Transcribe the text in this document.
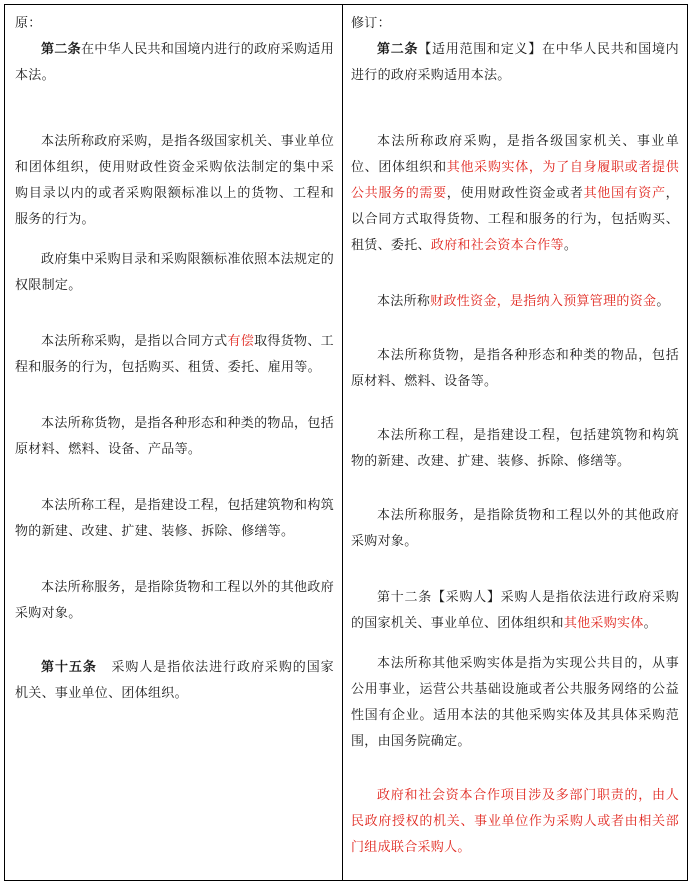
原：

第二条在中华人民共和国境内进行的政府采购适用本法。

本法所称政府采购，是指各级国家机关、事业单位和团体组织，使用财政性资金采购依法制定的集中采购目录以内的或者采购限额标准以上的货物、工程和服务的行为。

政府集中采购目录和采购限额标准依照本法规定的权限制定。

本法所称采购，是指以合同方式有偿取得货物、工程和服务的行为，包括购买、租赁、委托、雇用等。

本法所称货物，是指各种形态和种类的物品，包括原材料、燃料、设备、产品等。

本法所称工程，是指建设工程，包括建筑物和构筑物的新建、改建、扩建、装修、拆除、修缮等。

本法所称服务，是指除货物和工程以外的其他政府采购对象。

第十五条 采购人是指依法进行政府采购的国家机关、事业单位、团体组织。

修订：

第二条【适用范围和定义】在中华人民共和国境内进行的政府采购适用本法。

本法所称政府采购，是指各级国家机关、事业单位、团体组织和其他采购实体，为了自身履职或者提供公共服务的需要，使用财政性资金或者其他国有资产，以合同方式取得货物、工程和服务的行为，包括购买、租赁、委托、政府和社会资本合作等。

本法所称财政性资金，是指纳入预算管理的资金。

本法所称货物，是指各种形态和种类的物品，包括原材料、燃料、设备等。

本法所称工程，是指建设工程，包括建筑物和构筑物的新建、改建、扩建、装修、拆除、修缮等。

本法所称服务，是指除货物和工程以外的其他政府采购对象。

第十二条【采购人】采购人是指依法进行政府采购的国家机关、事业单位、团体组织和其他采购实体。

本法所称其他采购实体是指为实现公共目的，从事公用事业，运营公共基础设施或者公共服务网络的公益性国有企业。适用本法的其他采购实体及其具体采购范围，由国务院确定。

政府和社会资本合作项目涉及多部门职责的，由人民政府授权的机关、事业单位作为采购人或者由相关部门组成联合采购人。
